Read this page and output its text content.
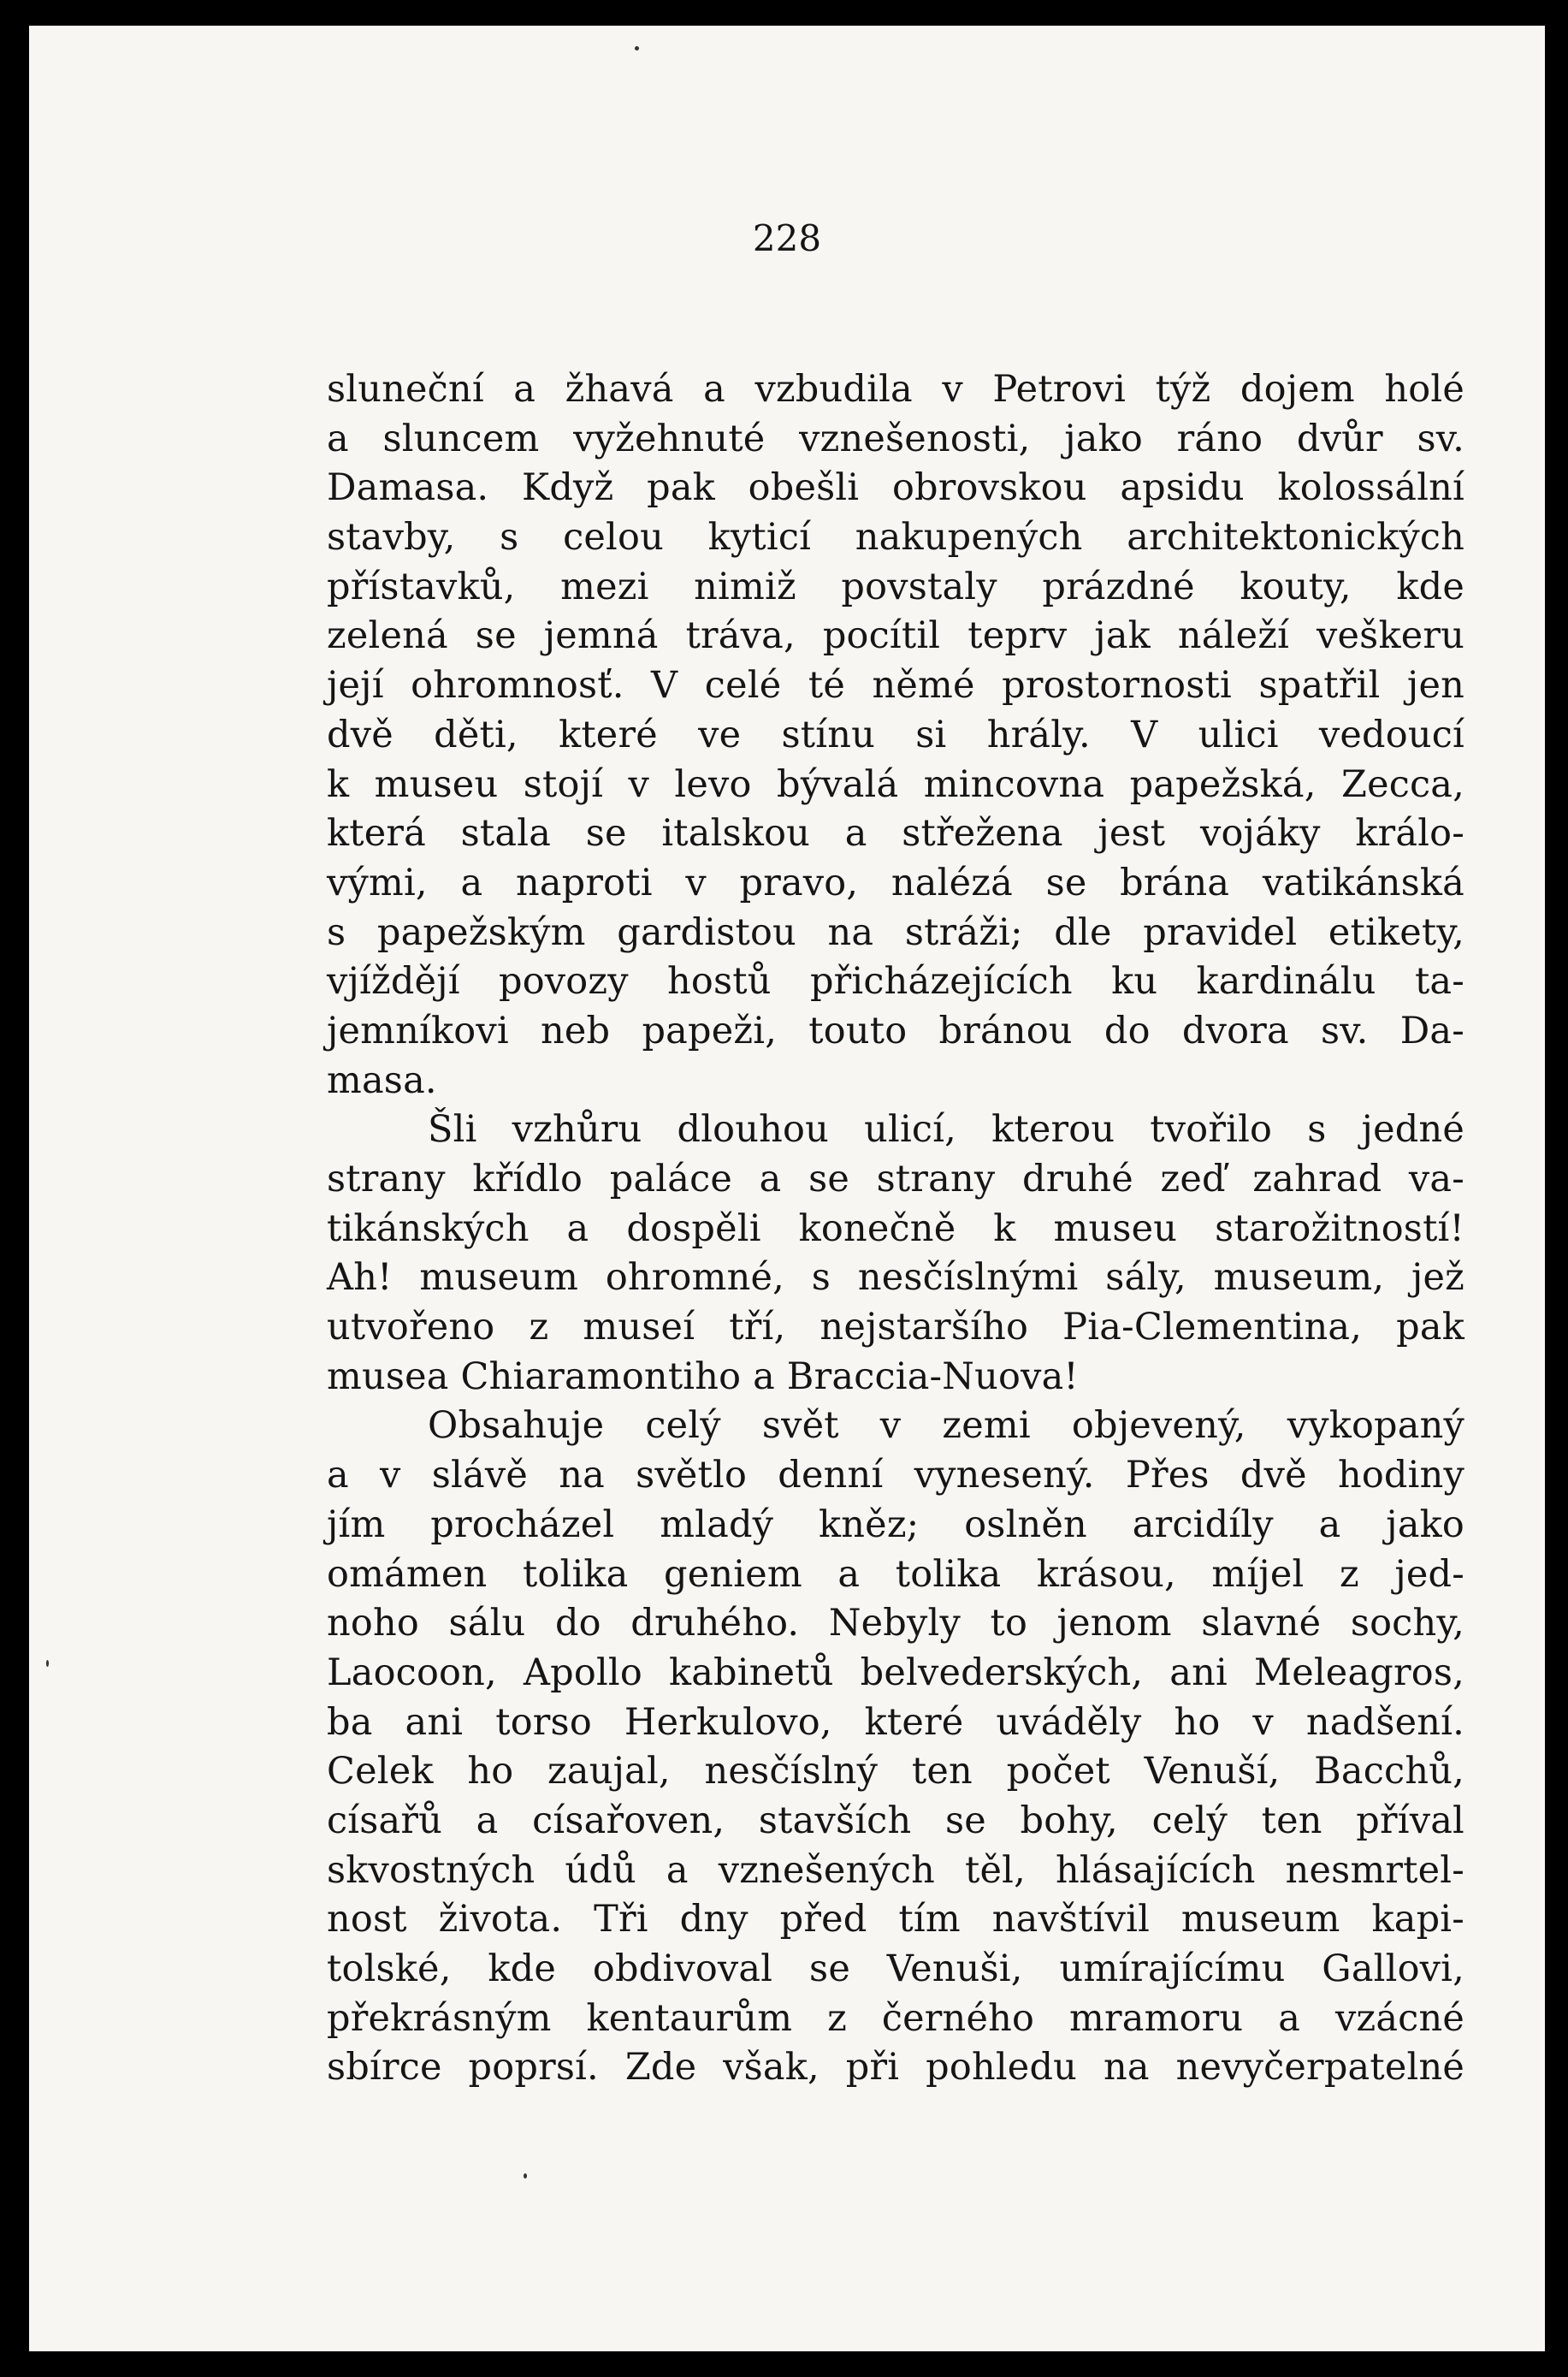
228
sluneční a žhavá a vzbudila v Petrovi týž dojem holé
a sluncem vyžehnuté vznešenosti, jako ráno dvůr sv.
Damasa. Když pak obešli obrovskou apsidu kolossální
stavby, s celou kyticí nakupených architektonických
přístavků, mezi nimiž povstaly prázdné kouty, kde
zelená se jemná tráva, pocítil teprv jak náleží veškeru
její ohromnosť. V celé té němé prostornosti spatřil jen
dvě děti, které ve stínu si hrály. V ulici vedoucí
k museu stojí v levo bývalá mincovna papežská, Zecca,
která stala se italskou a střežena jest vojáky králo-
vými, a naproti v pravo, nalézá se brána vatikánská
s papežským gardistou na stráži; dle pravidel etikety,
vjíždějí povozy hostů přicházejících ku kardinálu ta-
jemníkovi neb papeži, touto bránou do dvora sv. Da-
masa.
Šli vzhůru dlouhou ulicí, kterou tvořilo s jedné
strany křídlo paláce a se strany druhé zeď zahrad va-
tikánských a dospěli konečně k museu starožitností!
Ah! museum ohromné, s nesčíslnými sály, museum, jež
utvořeno z museí tří, nejstaršího Pia-Clementina, pak
musea Chiaramontiho a Braccia-Nuova!
Obsahuje celý svět v zemi objevený, vykopaný
a v slávě na světlo denní vynesený. Přes dvě hodiny
jím procházel mladý kněz; oslněn arcidíly a jako
omámen tolika geniem a tolika krásou, míjel z jed-
noho sálu do druhého. Nebyly to jenom slavné sochy,
Laocoon, Apollo kabinetů belvederských, ani Meleagros,
ba ani torso Herkulovo, které uváděly ho v nadšení.
Celek ho zaujal, nesčíslný ten počet Venuší, Bacchů,
císařů a císařoven, stavších se bohy, celý ten příval
skvostných údů a vznešených těl, hlásajících nesmrtel-
nost života. Tři dny před tím navštívil museum kapi-
tolské, kde obdivoval se Venuši, umírajícímu Gallovi,
překrásným kentaurům z černého mramoru a vzácné
sbírce poprsí. Zde však, při pohledu na nevyčerpatelné
